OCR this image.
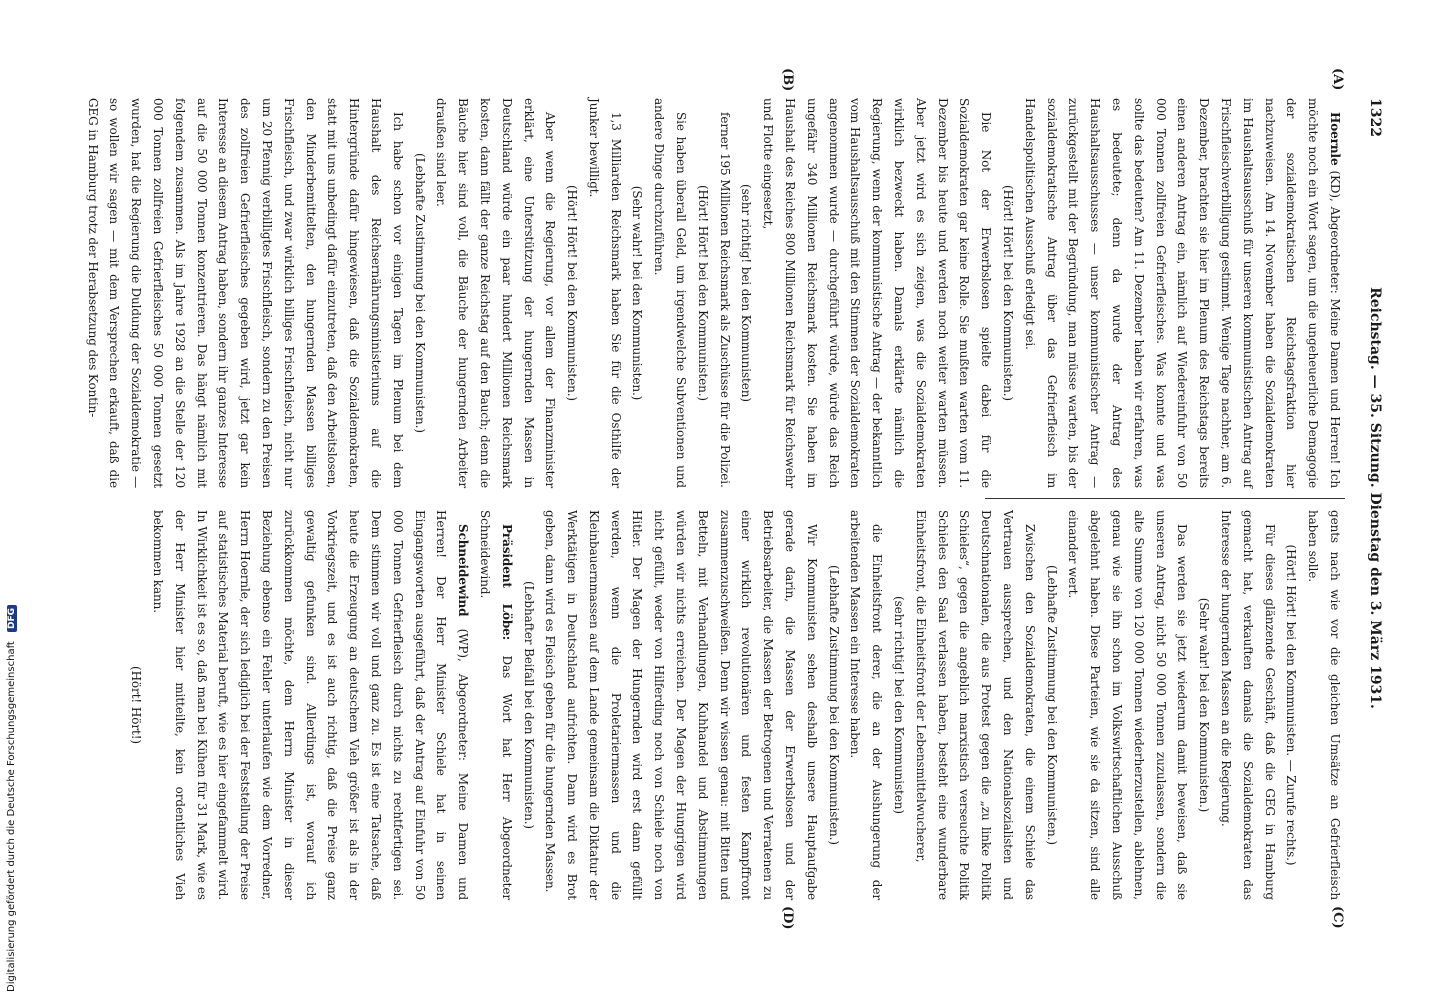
1322
Reichstag. — 35. Sitzung. Dienstag den 3. März 1931.

Hoernle (KD), Abgeordneter: Meine Damen und Herren! Ich möchte noch ein Wort sagen, um die ungeheuerliche Demagogie der sozialdemokratischen Reichstagsfraktion hier nachzuweisen. Am 14. November haben die Sozialdemokraten im Haushaltsausschuß für unseren kommunistischen Antrag auf Frischfleischverbilligung gestimmt. Wenige Tage nachher, am 6. Dezember, brachten sie hier im Plenum des Reichstags bereits einen anderen Antrag ein, nämlich auf Wiedereinfuhr von 50 000 Tonnen zollfreien Gefrierfleisches. Was konnte und was sollte das bedeuten? Am 11. Dezember haben wir erfahren, was es bedeutete; denn da wurde der Antrag des Haushaltsausschusses — unser kommunistischer Antrag — zurückgestellt mit der Begründung, man müsse warten, bis der sozialdemokratische Antrag über das Gefrierfleisch im Handelspolitischen Ausschuß erledigt sei.

(Hört! Hört! bei den Kommunisten.)

Die Not der Erwerbslosen spielte dabei für die Sozialdemokraten gar keine Rolle. Sie mußten warten vom 11. Dezember bis heute und werden noch weiter warten müssen. Aber jetzt wird es sich zeigen, was die Sozialdemokraten wirklich bezweckt haben. Damals erklärte nämlich die Regierung, wenn der kommunistische Antrag — der bekanntlich vom Haushaltsausschuß mit den Stimmen der Sozialdemokraten angenommen wurde — durchgeführt würde, würde das Reich ungefähr 340 Millionen Reichsmark kosten. Sie haben im Haushalt des Reiches 800 Millionen Reichsmark für Reichswehr und Flotte eingesetzt,

(sehr richtig! bei den Kommunisten)

ferner 195 Millionen Reichsmark als Zuschüsse für die Polizei.

(Hört! Hört! bei den Kommunisten.)

Sie haben überall Geld, um irgendwelche Subventionen und andere Dinge durchzuführen.

(Sehr wahr! bei den Kommunisten.)

1,3 Milliarden Reichsmark haben Sie für die Osthilfe der Junker bewilligt.

(Hört! Hört! bei den Kommunisten.)

Aber wenn die Regierung, vor allem der Finanzminister erklärt, eine Unterstützung der hungernden Massen in Deutschland würde ein paar hundert Millionen Reichsmark kosten, dann fällt der ganze Reichstag auf den Bauch; denn die Bäuche hier sind voll, die Bäuche der hungernden Arbeiter draußen sind leer.

(Lebhafte Zustimmung bei den Kommunisten.)

Ich habe schon vor einigen Tagen im Plenum bei dem Haushalt des Reichsernährungsministeriums auf die Hintergründe dafür hingewiesen, daß die Sozialdemokraten, statt mit uns unbedingt dafür einzutreten, daß den Arbeitslosen, den Minderbemittelten, den hungernden Massen billiges Frischfleisch, und zwar wirklich billiges Frischfleisch, nicht nur um 20 Pfennig verbilligtes Frischfleisch, sondern zu den Preisen des zollfreien Gefrierfleisches gegeben wird, jetzt gar kein Interesse an diesem Antrag haben, sondern ihr ganzes Interesse auf die 50 000 Tonnen konzentrieren. Das hängt nämlich mit folgendem zusammen. Als im Jahre 1928 an die Stelle der 120 000 Tonnen zollfreien Gefrierfleisches 50 000 Tonnen gesetzt wurden, hat die Regierung die Duldung der Sozialdemokratie — so wollen wir sagen — mit dem Versprechen erkauft, daß die GEG in Hamburg trotz der Herabsetzung des Kontin-

gents nach wie vor die gleichen Umsätze an Gefrierfleisch haben solle.

(Hört! Hört! bei den Kommunisten. — Zurufe rechts.)

Für dieses glänzende Geschäft, daß die GEG in Hamburg gemacht hat, verkauften damals die Sozialdemokraten das Interesse der hungernden Massen an die Regierung.

(Sehr wahr! bei den Kommunisten.)

Das werden sie jetzt wiederum damit beweisen, daß sie unseren Antrag, nicht 50 000 Tonnen zuzulassen, sondern die alte Summe von 120 000 Tonnen wiederherzustellen, ablehnen, genau wie sie ihn schon im Volkswirtschaftlichen Ausschuß abgelehnt haben. Diese Parteien, wie sie da sitzen, sind alle einander wert.

(Lebhafte Zustimmung bei den Kommunisten.)

Zwischen den Sozialdemokraten, die einem Schiele das Vertrauen aussprechen, und den Nationalsozialisten und Deutschnationalen, die aus Protest gegen die „zu linke Politik Schieles“, gegen die angeblich marxistisch verseuchte Politik Schieles den Saal verlassen haben, besteht eine wunderbare Einheitsfront, die Einheitsfront der Lebensmittelwucherer,

(sehr richtig! bei den Kommunisten)

die Einheitsfront derer, die an der Aushungerung der arbeitenden Massen ein Interesse haben.

(Lebhafte Zustimmung bei den Kommunisten.)

Wir Kommunisten sehen deshalb unsere Hauptaufgabe gerade darin, die Massen der Erwerbslosen und der Betriebsarbeiter, die Massen der Betrogenen und Verratenen zu einer wirklich revolutionären und festen Kampffront zusammenzuschweißen. Denn wir wissen genau: mit Bitten und Betteln, mit Verhandlungen, Kuhhandel und Abstimmungen würden wir nichts erreichen. Der Magen der Hungrigen wird nicht gefüllt, weder von Hilferding noch von Schiele noch von Hitler. Der Magen der Hungernden wird erst dann gefüllt werden, wenn die Proletariermassen und die Kleinbauernmassen auf dem Lande gemeinsam die Diktatur der Werktätigen in Deutschland aufrichten. Dann wird es Brot geben, dann wird es Fleisch geben für die hungernden Massen.

(Lebhafter Beifall bei den Kommunisten.)

Präsident Löbe: Das Wort hat Herr Abgeordneter Schneidewind.

Schneidewind (WP), Abgeordneter: Meine Damen und Herren! Der Herr Minister Schiele hat in seinen Eingangsworten ausgeführt, daß der Antrag auf Einfuhr von 50 000 Tonnen Gefrierfleisch durch nichts zu rechtfertigen sei. Dem stimmen wir voll und ganz zu. Es ist eine Tatsache, daß heute die Erzeugung an deutschem Vieh größer ist als in der Vorkriegszeit, und es ist auch richtig, daß die Preise ganz gewaltig gefunken sind. Allerdings ist, worauf ich zurückkommen möchte, dem Herrn Minister in dieser Beziehung ebenso ein Fehler unterlaufen wie dem Vorredner, Herrn Hoernle, der sich lediglich bei der Feststellung der Preise auf statistisches Material beruft, wie es hier eingefammelt wird. In Wirklichkeit ist es so, daß man bei Kühen für 31 Mark, wie es der Herr Minister hier mitteilte, kein ordentliches Vieh bekommen kann.

(Hört! Hört!)

(A)
(B)
(C)
(D)
Digitalisierung gefördert durch die Deutsche Forschungsgemeinschaft DFG
